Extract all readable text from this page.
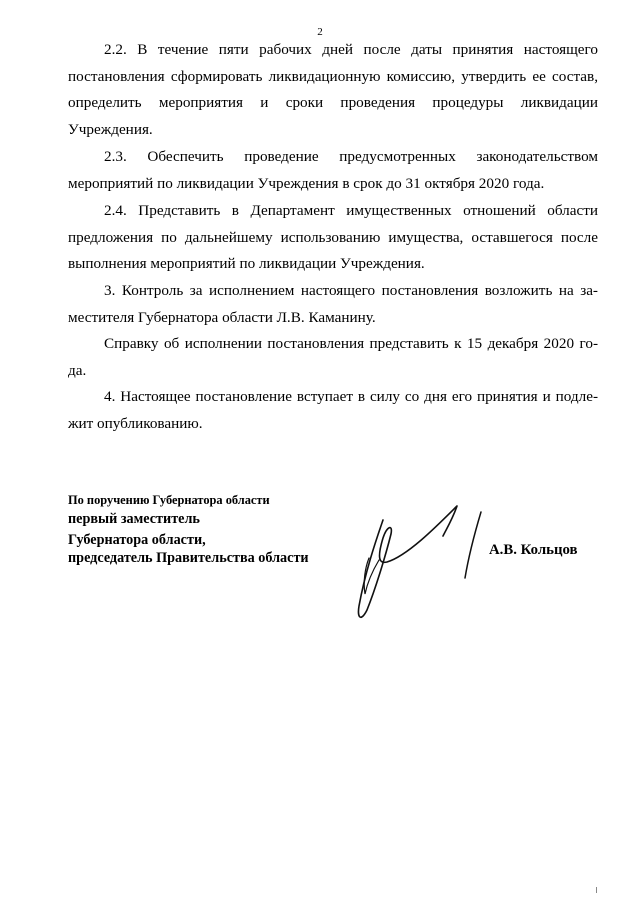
2
2.2. В течение пяти рабочих дней после даты принятия настоящего
постановления сформировать ликвидационную комиссию, утвердить ее состав,
определить мероприятия и сроки проведения процедуры ликвидации
Учреждения.
2.3. Обеспечить проведение предусмотренных законодательством
мероприятий по ликвидации Учреждения в срок до 31 октября 2020 года.
2.4. Представить в Департамент имущественных отношений области
предложения по дальнейшему использованию имущества, оставшегося после
выполнения мероприятий по ликвидации Учреждения.
3. Контроль за исполнением настоящего постановления возложить на за-
местителя Губернатора области Л.В. Каманину.
Справку об исполнении постановления представить к 15 декабря 2020 го-
да.
4. Настоящее постановление вступает в силу со дня его принятия и подле-
жит опубликованию.
По поручению Губернатора области
первый заместитель
Губернатора области,
председатель Правительства области	А.В. Кольцов
